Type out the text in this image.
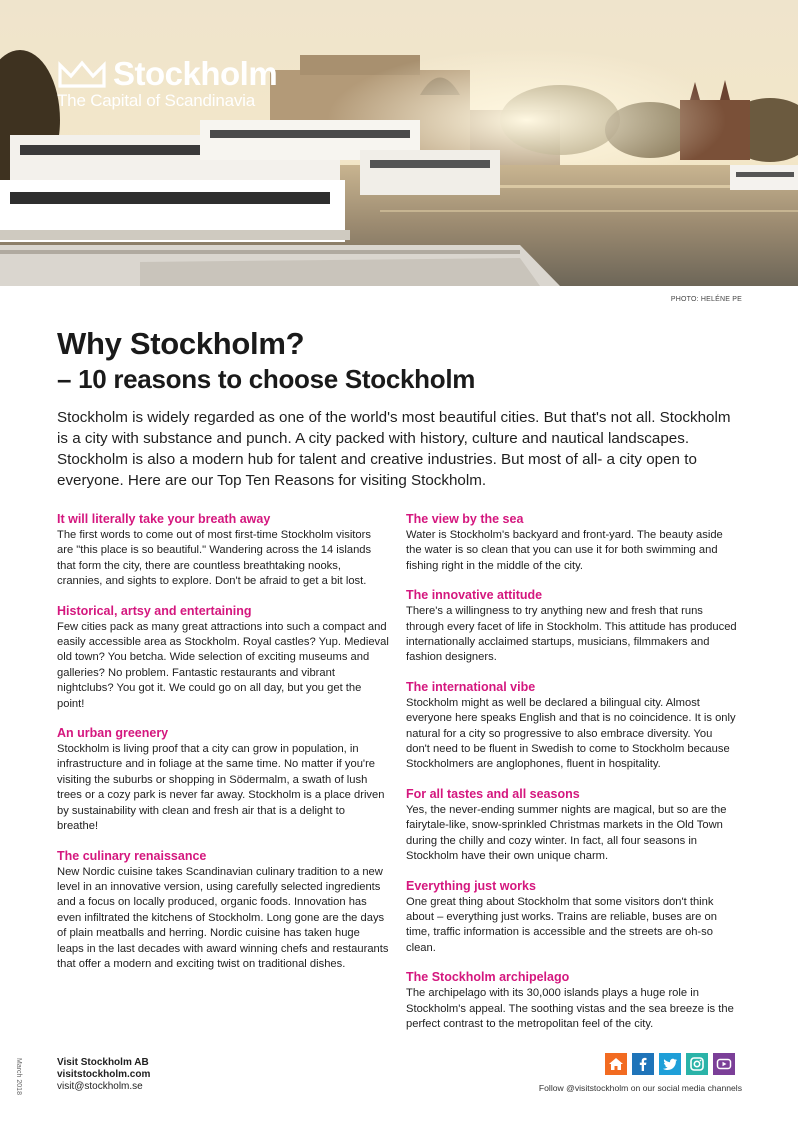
Stockholm
The Capital of Scandinavia
PHOTO: HELÉNE PE
Why Stockholm?
– 10 reasons to choose Stockholm

Stockholm is widely regarded as one of the world's most beautiful cities. But that's not all. Stockholm is a city with substance and punch. A city packed with history, culture and nautical landscapes. Stockholm is also a modern hub for talent and creative industries. But most of all- a city open to everyone. Here are our Top Ten Reasons for visiting Stockholm.

It will literally take your breath away

The first words to come out of most first-time Stockholm visitors are "this place is so beautiful." Wandering across the 14 islands that form the city, there are countless breathtaking nooks, crannies, and sights to explore. Don't be afraid to get a bit lost.

Historical, artsy and entertaining

Few cities pack as many great attractions into such a compact and easily accessible area as Stockholm. Royal castles? Yup. Medieval old town? You betcha. Wide selection of exciting museums and galleries? No problem. Fantastic restaurants and vibrant nightclubs? You got it. We could go on all day, but you get the point!

An urban greenery

Stockholm is living proof that a city can grow in population, in infrastructure and in foliage at the same time. No matter if you're visiting the suburbs or shopping in Södermalm, a swath of lush trees or a cozy park is never far away. Stockholm is a place driven by sustainability with clean and fresh air that is a delight to breathe!

The culinary renaissance

New Nordic cuisine takes Scandinavian culinary tradition to a new level in an innovative version, using carefully selected ingredients and a focus on locally produced, organic foods. Innovation has even infiltrated the kitchens of Stockholm. Long gone are the days of plain meatballs and herring. Nordic cuisine has taken huge leaps in the last decades with award winning chefs and restaurants that offer a modern and exciting twist on traditional dishes.

The view by the sea

Water is Stockholm's backyard and front-yard. The beauty aside the water is so clean that you can use it for both swimming and fishing right in the middle of the city.

The innovative attitude

There's a willingness to try anything new and fresh that runs through every facet of life in Stockholm. This attitude has produced internationally acclaimed startups, musicians, filmmakers and fashion designers.

The international vibe

Stockholm might as well be declared a bilingual city. Almost everyone here speaks English and that is no coincidence. It is only natural for a city so progressive to also embrace diversity. You don't need to be fluent in Swedish to come to Stockholm because Stockholmers are anglophones, fluent in hospitality.

For all tastes and all seasons

Yes, the never-ending summer nights are magical, but so are the fairytale-like, snow-sprinkled Christmas markets in the Old Town during the chilly and cozy winter. In fact, all four seasons in Stockholm have their own unique charm.

Everything just works

One great thing about Stockholm that some visitors don't think about – everything just works. Trains are reliable, buses are on time, traffic information is accessible and the streets are oh-so clean.

The Stockholm archipelago

The archipelago with its 30,000 islands plays a huge role in Stockholm's appeal. The soothing vistas and the sea breeze is the perfect contrast to the metropolitan feel of the city.

March 2018	Visit Stockholm AB
visitstockholm.com
visit@stockholm.se	Follow @visitstockholm on our social media channels
